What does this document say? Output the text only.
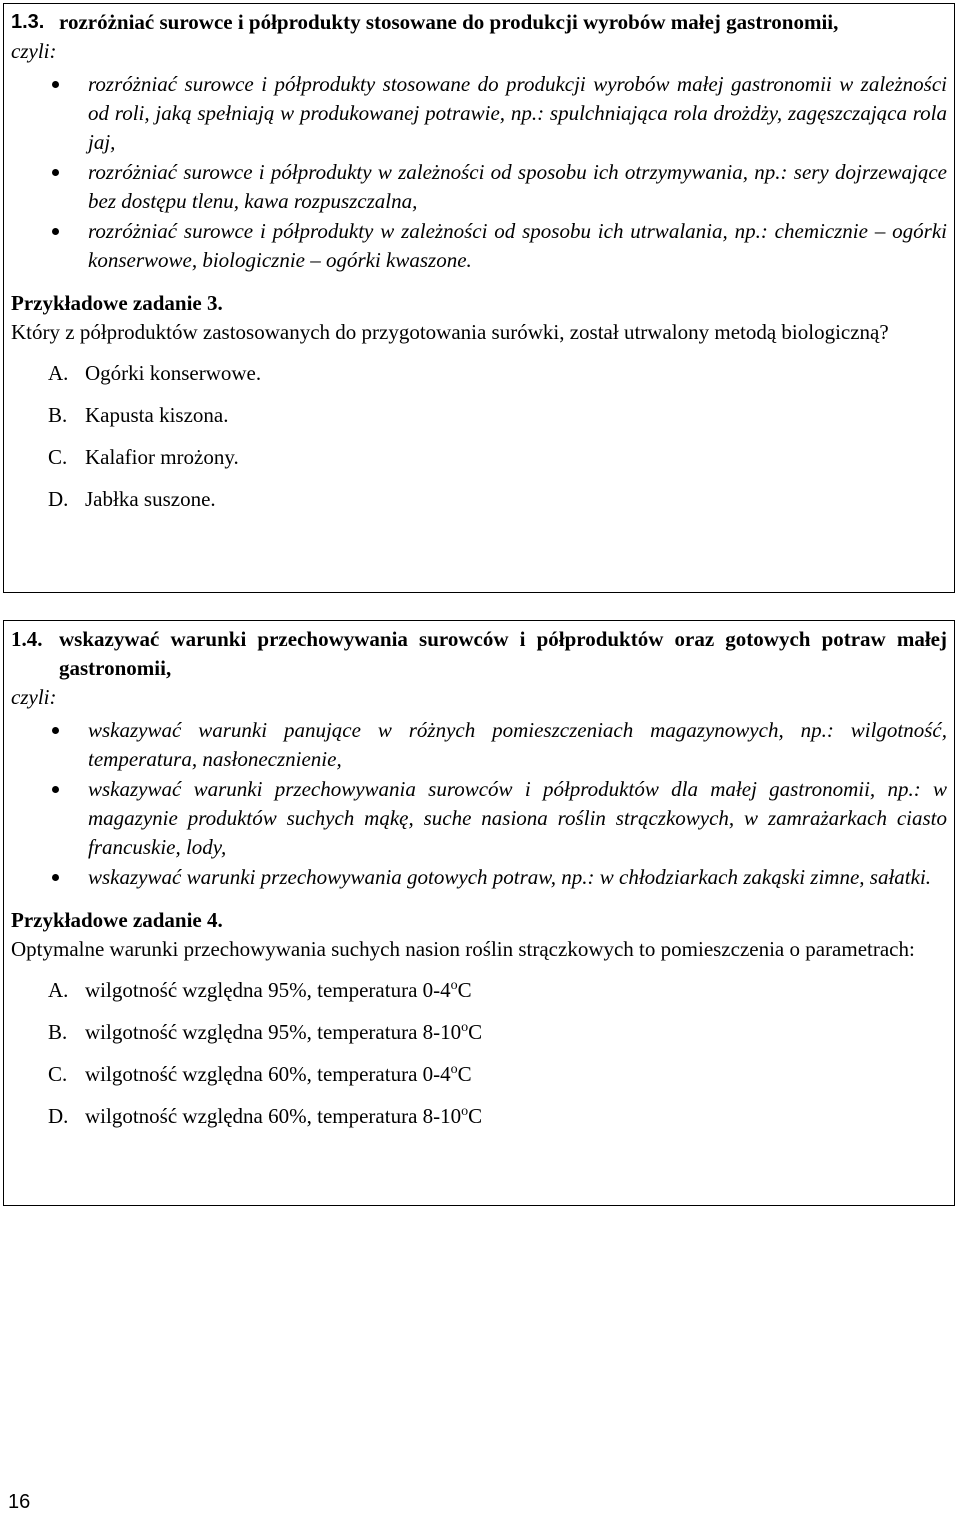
1.3. rozróżniać surowce i półprodukty stosowane do produkcji wyrobów małej gastronomii,
czyli:
rozróżniać surowce i półprodukty stosowane do produkcji wyrobów małej gastronomii w zależności od roli, jaką spełniają w produkowanej potrawie, np.: spulchniająca rola drożdży, zagęszczająca rola jaj,
rozróżniać surowce i półprodukty w zależności od sposobu ich otrzymywania, np.: sery dojrzewające bez dostępu tlenu, kawa rozpuszczalna,
rozróżniać surowce i półprodukty w zależności od sposobu ich utrwalania, np.: chemicznie – ogórki konserwowe, biologicznie – ogórki kwaszone.
Przykładowe zadanie 3.
Który z półproduktów zastosowanych do przygotowania surówki, został utrwalony metodą biologiczną?
A. Ogórki konserwowe.
B. Kapusta kiszona.
C. Kalafior mrożony.
D. Jabłka suszone.
1.4. wskazywać warunki przechowywania surowców i półproduktów oraz gotowych potraw małej gastronomii,
czyli:
wskazywać warunki panujące w różnych pomieszczeniach magazynowych, np.: wilgotność, temperatura, nasłonecznienie,
wskazywać warunki przechowywania surowców i półproduktów dla małej gastronomii, np.: w magazynie produktów suchych mąkę, suche nasiona roślin strączkowych, w zamrażarkach ciasto francuskie, lody,
wskazywać warunki przechowywania gotowych potraw, np.: w chłodziarkach zakąski zimne, sałatki.
Przykładowe zadanie 4.
Optymalne warunki przechowywania suchych nasion roślin strączkowych to pomieszczenia o parametrach:
A. wilgotność względna 95%, temperatura 0-4$^o$C
B. wilgotność względna 95%, temperatura 8-10$^o$C
C. wilgotność względna 60%, temperatura 0-4$^o$C
D. wilgotność względna 60%, temperatura 8-10$^o$C
16
